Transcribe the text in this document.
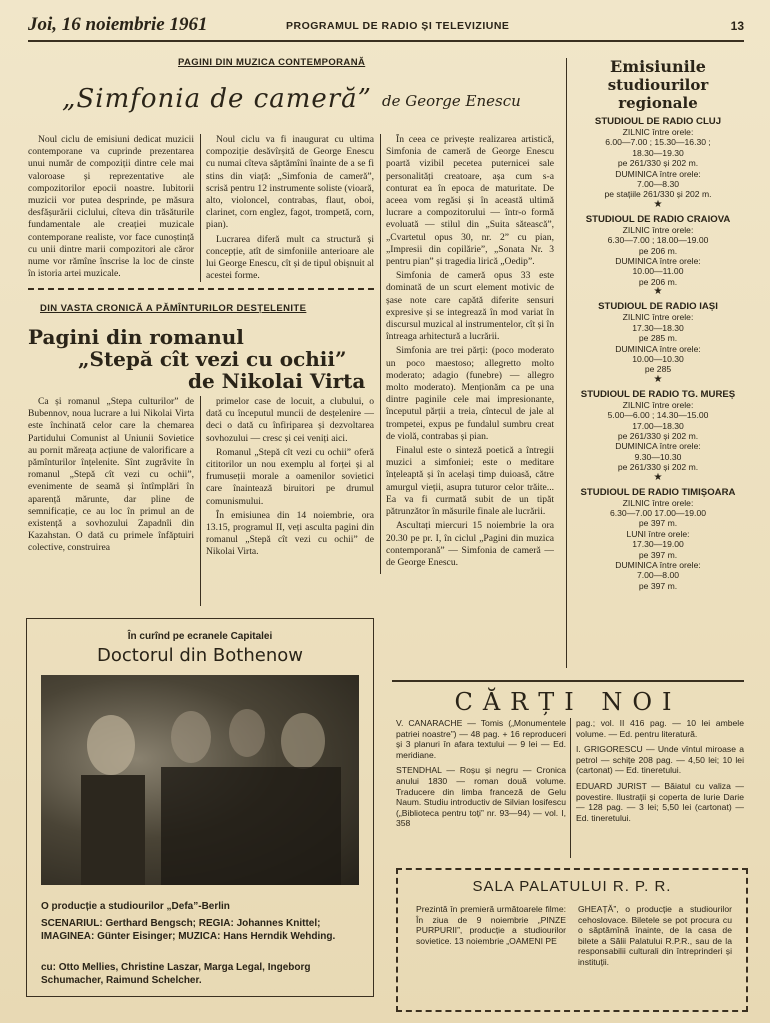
Joi, 16 noiembrie 1961	PROGRAMUL DE RADIO ȘI TELEVIZIUNE	13
PAGINI DIN MUZICA CONTEMPORANĂ
„Simfonia de cameră” de George Enescu

Noul ciclu de emisiuni dedicat muzicii contemporane va cuprinde prezentarea unui număr de compoziții dintre cele mai valoroase și reprezentative ale compozitorilor epocii noastre. Iubitorii muzicii vor putea desprinde, pe măsura desfășurării ciclului, cîteva din trăsăturile fundamentale ale creației muzicale contemporane realiste, vor face cunoștință cu unii dintre marii compozitori ale căror nume vor rămîne înscrise la loc de cinste în istoria artei muzicale.

Noul ciclu va fi inaugurat cu ultima compoziție desăvîrșită de George Enescu cu numai cîteva săptămîni înainte de a se fi stins din viață: „Simfonia de cameră”, scrisă pentru 12 instrumente soliste (vioară, alto, violoncel, contrabas, flaut, oboi, clarinet, corn englez, fagot, trompetă, corn, pian).

Lucrarea diferă mult ca structură și concepție, atît de simfoniile anterioare ale lui George Enescu, cît și de tipul obișnuit al acestei forme.

În ceea ce privește realizarea artistică, Simfonia de cameră de George Enescu poartă vizibil pecetea puternicei sale personalități creatoare, așa cum s-a conturat ea în epoca de maturitate. De aceea vom regăsi și în această ultimă lucrare a compozitorului — într-o formă evoluată — stilul din „Suita sătească”, „Cvartetul opus 30, nr. 2” cu pian, „Impresii din copilărie”, „Sonata Nr. 3 pentru pian” și tragedia lirică „Oedip”.

Simfonia de cameră opus 33 este dominată de un scurt element motivic de șase note care capătă diferite sensuri expresive și se integrează în mod variat în discursul muzical al instrumentelor, cît și în întreaga arhitectură a lucrării.

Simfonia are trei părți: (poco moderato un poco maestoso; allegretto molto moderato; adagio (funebre) — allegro molto moderato). Menționăm ca pe una dintre paginile cele mai impresionante, începutul părții a treia, cîntecul de jale al trompetei, expus pe fundalul sumbru creat de violă, contrabas și pian.

Finalul este o sinteză poetică a întregii muzici a simfoniei; este o meditare înțeleaptă și în același timp duioasă, către amurgul vieții, asupra tuturor celor trăite... Ea va fi curmată subit de un tipăt pătrunzător în măsurile finale ale lucrării.

Ascultați miercuri 15 noiembrie la ora 20.30 pe pr. I, în ciclul „Pagini din muzica contemporană” — Simfonia de cameră — de George Enescu.

DIN VASTA CRONICĂ A PĂMÎNTURILOR DESȚELENITE
Pagini din romanul
„Stepă cît vezi cu ochii”
de Nikolai Virta

Ca și romanul „Stepa culturilor” de Bubennov, noua lucrare a lui Nikolai Virta este închinată celor care la chemarea Partidului Comunist al Uniunii Sovietice au pornit măreața acțiune de valorificare a pămînturilor înțelenite. Sînt zugrăvite în romanul „Stepă cît vezi cu ochii”, evenimente de seamă și întîmplări în aparență mărunte, dar pline de semnificație, ce au loc în primul an de existență a sovhozului Zapadnîi din Kazahstan. O dată cu primele înfăptuiri colective, construirea

primelor case de locuit, a clubului, o dată cu începutul muncii de desțelenire — deci o dată cu înfiriparea și dezvoltarea sovhozului — cresc și cei veniți aici.

Romanul „Stepă cît vezi cu ochii” oferă cititorilor un nou exemplu al forței și al frumuseții morale a oamenilor sovietici care înaintează biruitori pe drumul comunismului.

În emisiunea din 14 noiembrie, ora 13.15, programul II, veți asculta pagini din romanul „Stepă cît vezi cu ochii” de Nikolai Virta.

În curînd pe ecranele Capitalei
Doctorul din Bothenow
O producție a studiourilor „Defa”-Berlin
SCENARIUL: Gerthard Bengsch; REGIA: Johannes Knittel; IMAGINEA: Günter Eisinger; MUZICA: Hans Herndik Wehding.
cu: Otto Mellies, Christine Laszar, Marga Legal, Ingeborg Schumacher, Raimund Schelcher.
Emisiunile
studiourilor regionale
STUDIOUL DE RADIO CLUJ
ZILNIC între orele:
6.00—7.00 ; 15.30—16.30 ;
18.30—19.30
pe 261/330 și 202 m.
DUMINICA între orele:
7.00—8.30
pe stațiile 261/330 și 202 m.
★
STUDIOUL DE RADIO CRAIOVA
ZILNIC între orele:
6.30—7.00 ; 18.00—19.00
pe 206 m.
DUMINICA între orele:
10.00—11.00
pe 206 m.
★
STUDIOUL DE RADIO IAȘI
ZILNIC între orele:
17.30—18.30
pe 285 m.
DUMINICA între orele:
10.00—10.30
pe 285
★
STUDIOUL DE RADIO TG. MUREȘ
ZILNIC între orele:
5.00—6.00 ; 14.30—15.00
17.00—18.30
pe 261/330 și 202 m.
DUMINICA între orele:
9.30—10.30
pe 261/330 și 202 m.
★
STUDIOUL DE RADIO TIMIȘOARA
ZILNIC între orele:
6.30—7.00 17.00—19.00
pe 397 m.
LUNI între orele:
17.30—19.00
pe 397 m.
DUMINICA între orele:
7.00—8.00
pe 397 m.
CĂRȚI NOI
V. CANARACHE — Tomis („Monumentele patriei noastre”) — 48 pag. + 16 reproduceri și 3 planuri în afara textului — 9 lei — Ed. meridiane.
STENDHAL — Roșu și negru — Cronica anului 1830 — roman două volume. Traducere din limba franceză de Gelu Naum. Studiu introductiv de Silvian Iosifescu („Biblioteca pentru toți” nr. 93—94) — vol. I, 358
pag.; vol. II 416 pag. — 10 lei ambele volume. — Ed. pentru literatură.
I. GRIGORESCU — Unde vîntul miroase a petrol — schițe 208 pag. — 4,50 lei; 10 lei (cartonat) — Ed. tineretului.
EDUARD JURIST — Băiatul cu valiza — povestire. Ilustrații și coperta de Iurie Darie — 128 pag. — 3 lei; 5,50 lei (cartonat) — Ed. tineretului.
SALA PALATULUI R. P. R.
Prezintă în premieră următoarele filme: În ziua de 9 noiembrie „PINZE PURPURII”, producție a studiourilor sovietice. 13 noiembrie „OAMENI PE
GHEAȚĂ”, o producție a studiourilor cehoslovace. Biletele se pot procura cu o săptămînă înainte, de la casa de bilete a Sălii Palatului R.P.R., sau de la responsabilii culturali din întreprinderi și instituții.
